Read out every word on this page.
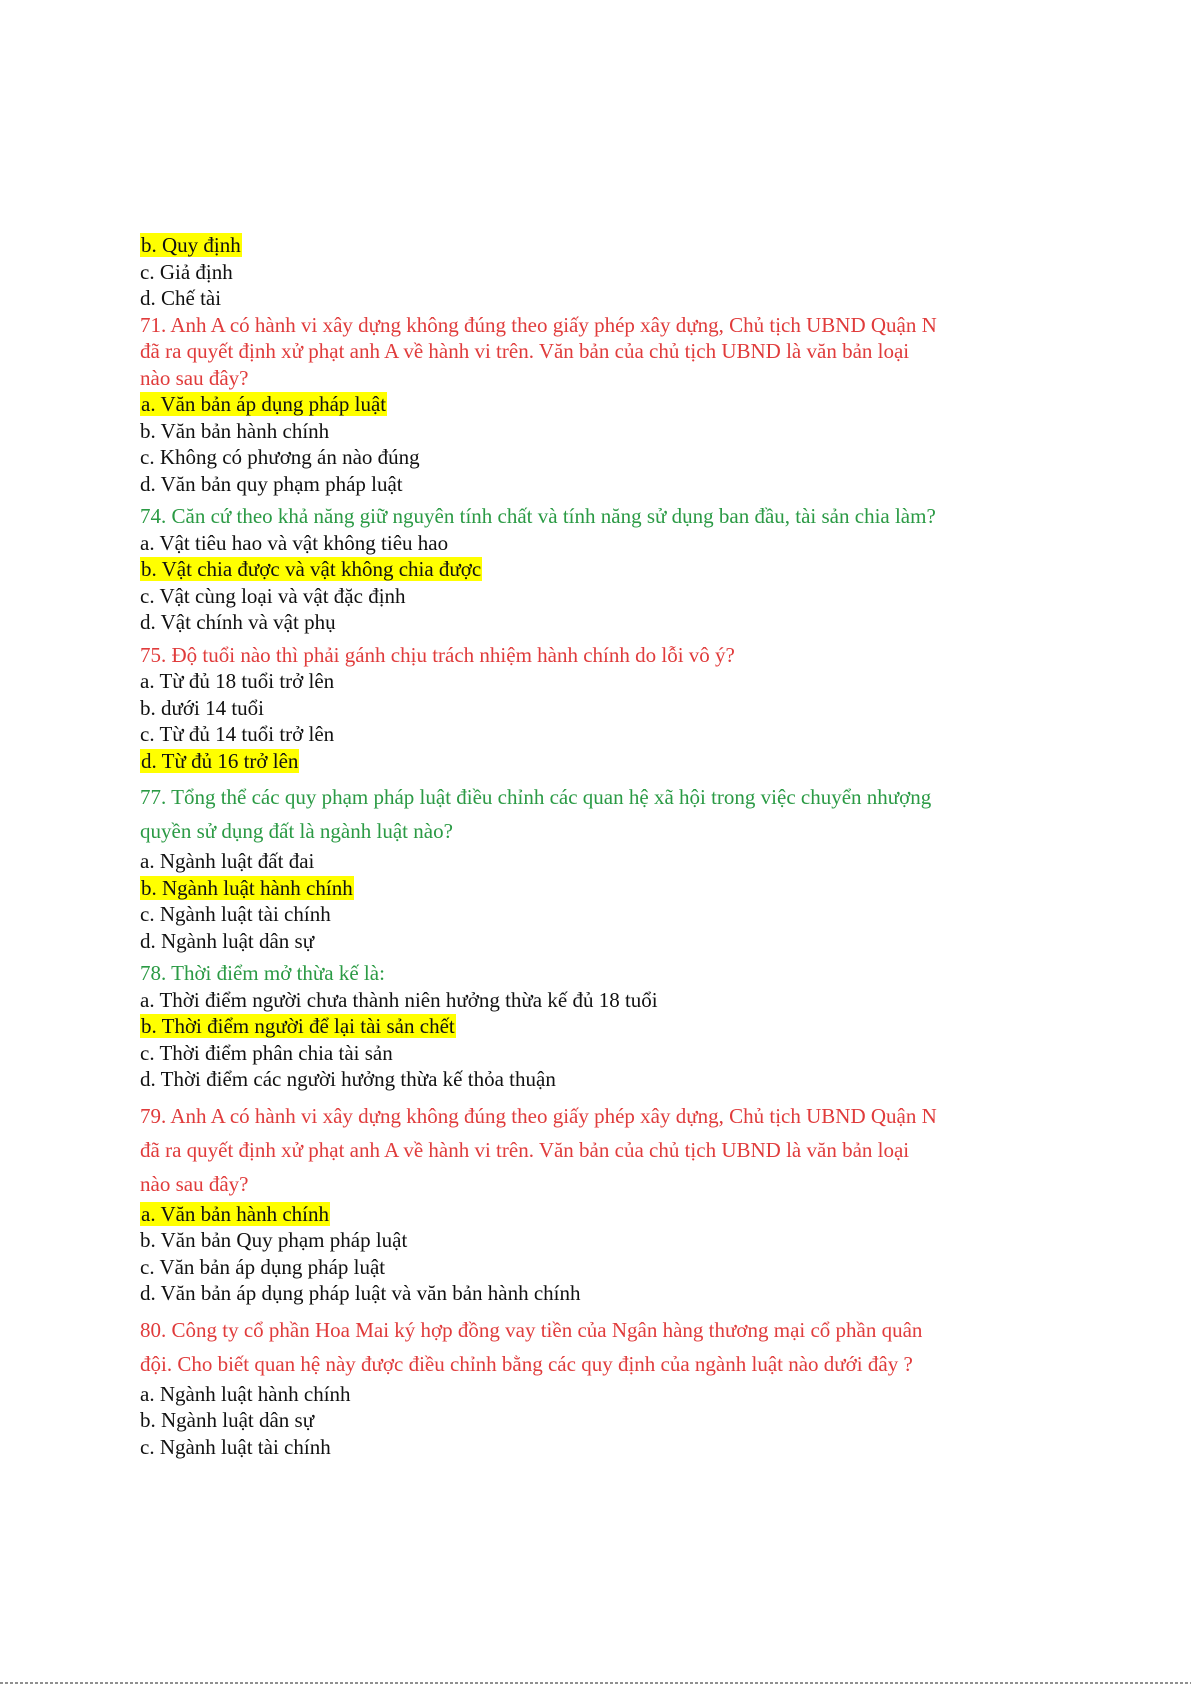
b. Quy định
c. Giả định
d. Chế tài
71. Anh A có hành vi xây dựng không đúng theo giấy phép xây dựng, Chủ tịch UBND Quận N
đã ra quyết định xử phạt anh A về hành vi trên. Văn bản của chủ tịch UBND là văn bản loại
nào sau đây?
a. Văn bản áp dụng pháp luật
b. Văn bản hành chính
c. Không có phương án nào đúng
d. Văn bản quy phạm pháp luật
74. Căn cứ theo khả năng giữ nguyên tính chất và tính năng sử dụng ban đầu, tài sản chia làm?
a. Vật tiêu hao và vật không tiêu hao
b. Vật chia được và vật không chia được
c. Vật cùng loại và vật đặc định
d. Vật chính và vật phụ
75. Độ tuổi nào thì phải gánh chịu trách nhiệm hành chính do lỗi vô ý?
a. Từ đủ 18 tuổi trở lên
b. dưới 14 tuổi
c. Từ đủ 14 tuổi trở lên
d. Từ đủ 16 trở lên
77. Tổng thể các quy phạm pháp luật điều chỉnh các quan hệ xã hội trong việc chuyển nhượng
quyền sử dụng đất là ngành luật nào?
a. Ngành luật đất đai
b. Ngành luật hành chính
c. Ngành luật tài chính
d. Ngành luật dân sự
78. Thời điểm mở thừa kế là:
a. Thời điểm người chưa thành niên hưởng thừa kế đủ 18 tuổi
b. Thời điểm người để lại tài sản chết
c. Thời điểm phân chia tài sản
d. Thời điểm các người hưởng thừa kế thỏa thuận
79. Anh A có hành vi xây dựng không đúng theo giấy phép xây dựng, Chủ tịch UBND Quận N
đã ra quyết định xử phạt anh A về hành vi trên. Văn bản của chủ tịch UBND là văn bản loại
nào sau đây?
a. Văn bản hành chính
b. Văn bản Quy phạm pháp luật
c. Văn bản áp dụng pháp luật
d. Văn bản áp dụng pháp luật và văn bản hành chính
80. Công ty cổ phần Hoa Mai ký hợp đồng vay tiền của Ngân hàng thương mại cổ phần quân
đội. Cho biết quan hệ này được điều chỉnh bằng các quy định của ngành luật nào dưới đây ?
a. Ngành luật hành chính
b. Ngành luật dân sự
c. Ngành luật tài chính
